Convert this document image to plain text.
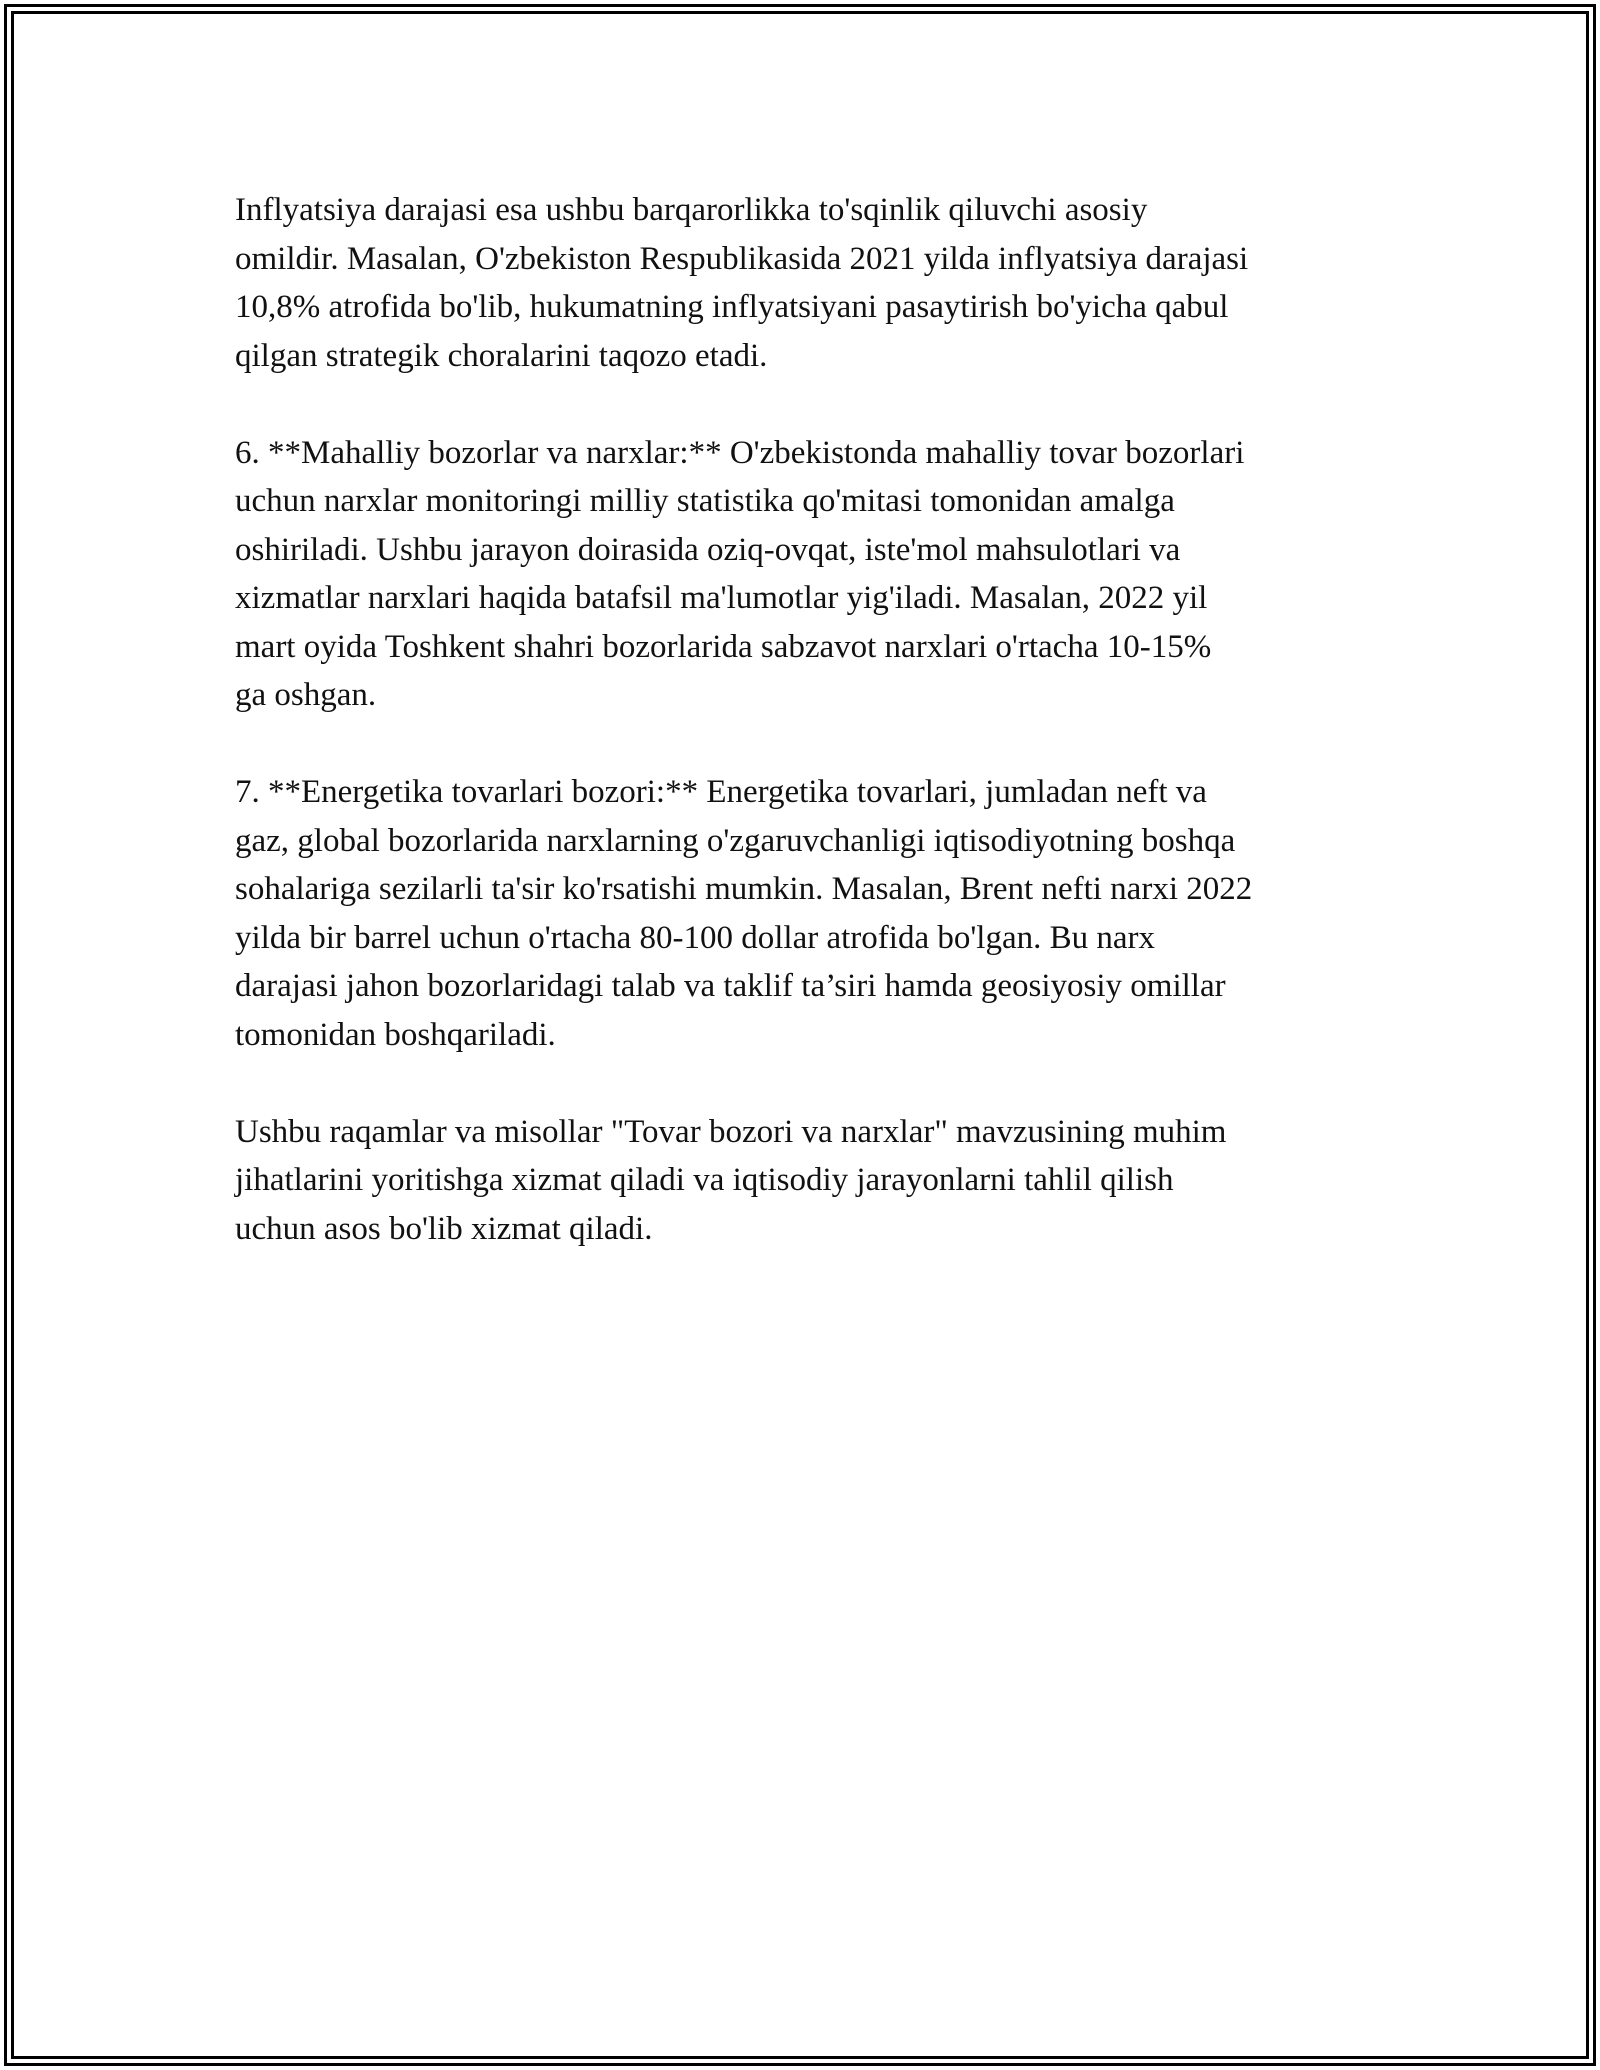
Inflyatsiya darajasi esa ushbu barqarorlikka to'sqinlik qiluvchi asosiy
omildir. Masalan, O'zbekiston Respublikasida 2021 yilda inflyatsiya darajasi
10,8% atrofida bo'lib, hukumatning inflyatsiyani pasaytirish bo'yicha qabul
qilgan strategik choralarini taqozo etadi.

6. **Mahalliy bozorlar va narxlar:** O'zbekistonda mahalliy tovar bozorlari
uchun narxlar monitoringi milliy statistika qo'mitasi tomonidan amalga
oshiriladi. Ushbu jarayon doirasida oziq-ovqat, iste'mol mahsulotlari va
xizmatlar narxlari haqida batafsil ma'lumotlar yig'iladi. Masalan, 2022 yil
mart oyida Toshkent shahri bozorlarida sabzavot narxlari o'rtacha 10-15%
ga oshgan.

7. **Energetika tovarlari bozori:** Energetika tovarlari, jumladan neft va
gaz, global bozorlarida narxlarning o'zgaruvchanligi iqtisodiyotning boshqa
sohalariga sezilarli ta'sir ko'rsatishi mumkin. Masalan, Brent nefti narxi 2022
yilda bir barrel uchun o'rtacha 80-100 dollar atrofida bo'lgan. Bu narx
darajasi jahon bozorlaridagi talab va taklif ta’siri hamda geosiyosiy omillar
tomonidan boshqariladi.

Ushbu raqamlar va misollar "Tovar bozori va narxlar" mavzusining muhim
jihatlarini yoritishga xizmat qiladi va iqtisodiy jarayonlarni tahlil qilish
uchun asos bo'lib xizmat qiladi.
